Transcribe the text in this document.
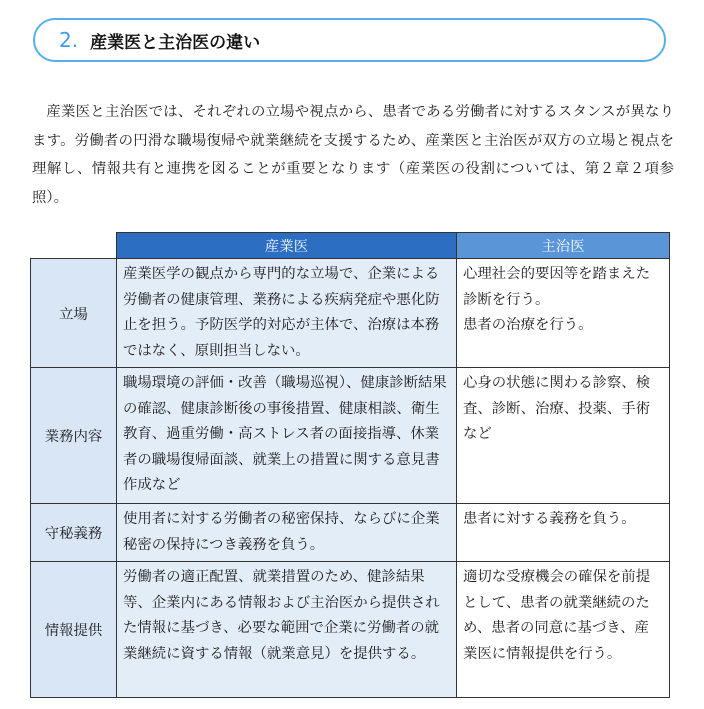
2. 産業医と主治医の違い

産業医と主治医では、それぞれの立場や視点から、患者である労働者に対するスタンスが異なります。労働者の円滑な職場復帰や就業継続を支援するため、産業医と主治医が双方の立場と視点を理解し、情報共有と連携を図ることが重要となります（産業医の役割については、第２章２項参照）。

	産業医	主治医
立場	産業医学の観点から専門的な立場で、企業による労働者の健康管理、業務による疾病発症や悪化防止を担う。予防医学的対応が主体で、治療は本務ではなく、原則担当しない。	心理社会的要因等を踏まえた診断を行う。
患者の治療を行う。
業務内容	職場環境の評価・改善（職場巡視）、健康診断結果の確認、健康診断後の事後措置、健康相談、衛生教育、過重労働・高ストレス者の面接指導、休業者の職場復帰面談、就業上の措置に関する意見書作成など	心身の状態に関わる診察、検査、診断、治療、投薬、手術など
守秘義務	使用者に対する労働者の秘密保持、ならびに企業秘密の保持につき義務を負う。	患者に対する義務を負う。
情報提供	労働者の適正配置、就業措置のため、健診結果等、企業内にある情報および主治医から提供された情報に基づき、必要な範囲で企業に労働者の就業継続に資する情報（就業意見）を提供する。	適切な受療機会の確保を前提として、患者の就業継続のため、患者の同意に基づき、産業医に情報提供を行う。
